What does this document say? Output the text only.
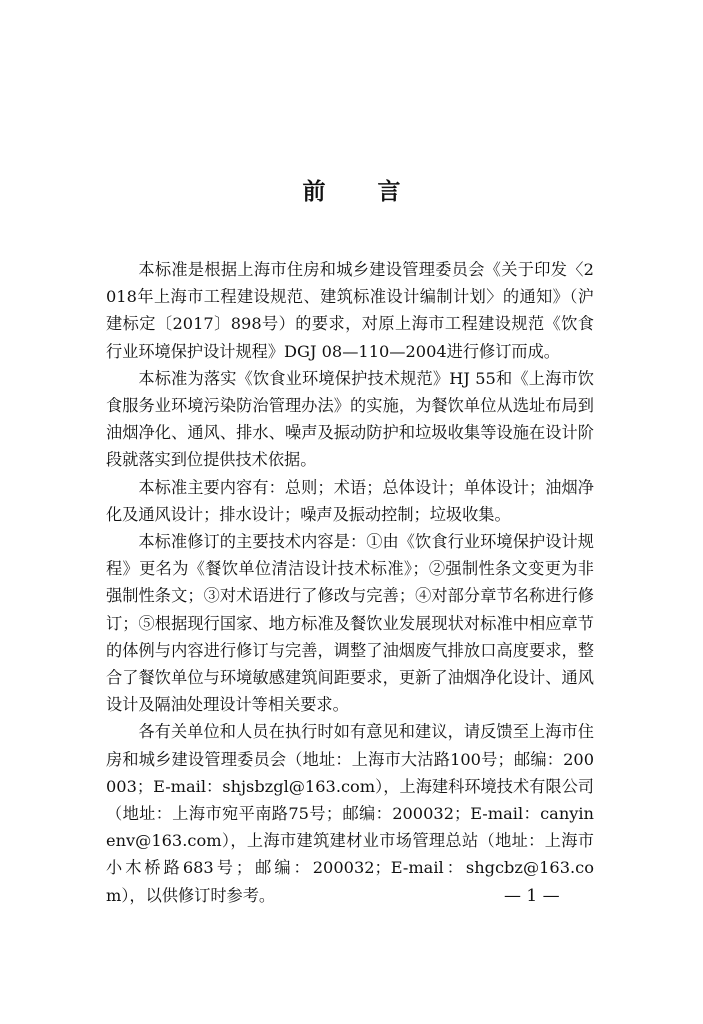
前 言

本标准是根据上海市住房和城乡建设管理委员会《关于印发〈2018年上海市工程建设规范、建筑标准设计编制计划〉的通知》（沪建标定〔2017〕898号）的要求，对原上海市工程建设规范《饮食行业环境保护设计规程》DGJ 08—110—2004进行修订而成。

本标准为落实《饮食业环境保护技术规范》HJ 55和《上海市饮食服务业环境污染防治管理办法》的实施，为餐饮单位从选址布局到油烟净化、通风、排水、噪声及振动防护和垃圾收集等设施在设计阶段就落实到位提供技术依据。

本标准主要内容有：总则；术语；总体设计；单体设计；油烟净化及通风设计；排水设计；噪声及振动控制；垃圾收集。

本标准修订的主要技术内容是：①由《饮食行业环境保护设计规程》更名为《餐饮单位清洁设计技术标准》；②强制性条文变更为非强制性条文；③对术语进行了修改与完善；④对部分章节名称进行修订；⑤根据现行国家、地方标准及餐饮业发展现状对标准中相应章节的体例与内容进行修订与完善，调整了油烟废气排放口高度要求，整合了餐饮单位与环境敏感建筑间距要求，更新了油烟净化设计、通风设计及隔油处理设计等相关要求。

各有关单位和人员在执行时如有意见和建议，请反馈至上海市住房和城乡建设管理委员会（地址：上海市大沽路100号；邮编：200003；E-mail：shjsbzgl@163.com），上海建科环境技术有限公司（地址：上海市宛平南路75号；邮编：200032；E-mail：canyinenv@163.com），上海市建筑建材业市场管理总站（地址：上海市小木桥路683号；邮编：200032；E-mail：shgcbz@163.com），以供修订时参考。	— 1 —
